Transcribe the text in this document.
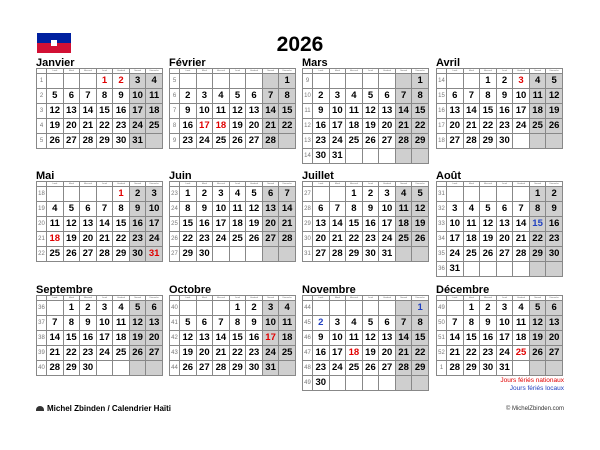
2026
Janvier
	Lundi	Mardi	Mercredi	Jeudi	Vendredi	Samedi	Dimanche
1				1	2	3	4
2	5	6	7	8	9	10	11
3	12	13	14	15	16	17	18
4	19	20	21	22	23	24	25
5	26	27	28	29	30	31	
Février
	Lundi	Mardi	Mercredi	Jeudi	Vendredi	Samedi	Dimanche
5							1
6	2	3	4	5	6	7	8
7	9	10	11	12	13	14	15
8	16	17	18	19	20	21	22
9	23	24	25	26	27	28	
Mars
	Lundi	Mardi	Mercredi	Jeudi	Vendredi	Samedi	Dimanche
9							1
10	2	3	4	5	6	7	8
11	9	10	11	12	13	14	15
12	16	17	18	19	20	21	22
13	23	24	25	26	27	28	29
14	30	31					
Avril
	Lundi	Mardi	Mercredi	Jeudi	Vendredi	Samedi	Dimanche
14			1	2	3	4	5
15	6	7	8	9	10	11	12
16	13	14	15	16	17	18	19
17	20	21	22	23	24	25	26
18	27	28	29	30			
Mai
	Lundi	Mardi	Mercredi	Jeudi	Vendredi	Samedi	Dimanche
18					1	2	3
19	4	5	6	7	8	9	10
20	11	12	13	14	15	16	17
21	18	19	20	21	22	23	24
22	25	26	27	28	29	30	31
Juin
	Lundi	Mardi	Mercredi	Jeudi	Vendredi	Samedi	Dimanche
23	1	2	3	4	5	6	7
24	8	9	10	11	12	13	14
25	15	16	17	18	19	20	21
26	22	23	24	25	26	27	28
27	29	30					
Juillet
	Lundi	Mardi	Mercredi	Jeudi	Vendredi	Samedi	Dimanche
27			1	2	3	4	5
28	6	7	8	9	10	11	12
29	13	14	15	16	17	18	19
30	20	21	22	23	24	25	26
31	27	28	29	30	31		
Août
	Lundi	Mardi	Mercredi	Jeudi	Vendredi	Samedi	Dimanche
31						1	2
32	3	4	5	6	7	8	9
33	10	11	12	13	14	15	16
34	17	18	19	20	21	22	23
35	24	25	26	27	28	29	30
36	31						
Septembre
	Lundi	Mardi	Mercredi	Jeudi	Vendredi	Samedi	Dimanche
36		1	2	3	4	5	6
37	7	8	9	10	11	12	13
38	14	15	16	17	18	19	20
39	21	22	23	24	25	26	27
40	28	29	30				
Octobre
	Lundi	Mardi	Mercredi	Jeudi	Vendredi	Samedi	Dimanche
40				1	2	3	4
41	5	6	7	8	9	10	11
42	12	13	14	15	16	17	18
43	19	20	21	22	23	24	25
44	26	27	28	29	30	31	
Novembre
	Lundi	Mardi	Mercredi	Jeudi	Vendredi	Samedi	Dimanche
44							1
45	2	3	4	5	6	7	8
46	9	10	11	12	13	14	15
47	16	17	18	19	20	21	22
48	23	24	25	26	27	28	29
49	30						
Décembre
	Lundi	Mardi	Mercredi	Jeudi	Vendredi	Samedi	Dimanche
49		1	2	3	4	5	6
50	7	8	9	10	11	12	13
51	14	15	16	17	18	19	20
52	21	22	23	24	25	26	27
1	28	29	30	31			
Jours fériés nationaux
Jours fériés locaux
Michel Zbinden / Calendrier Haïti	© MichelZbinden.com
